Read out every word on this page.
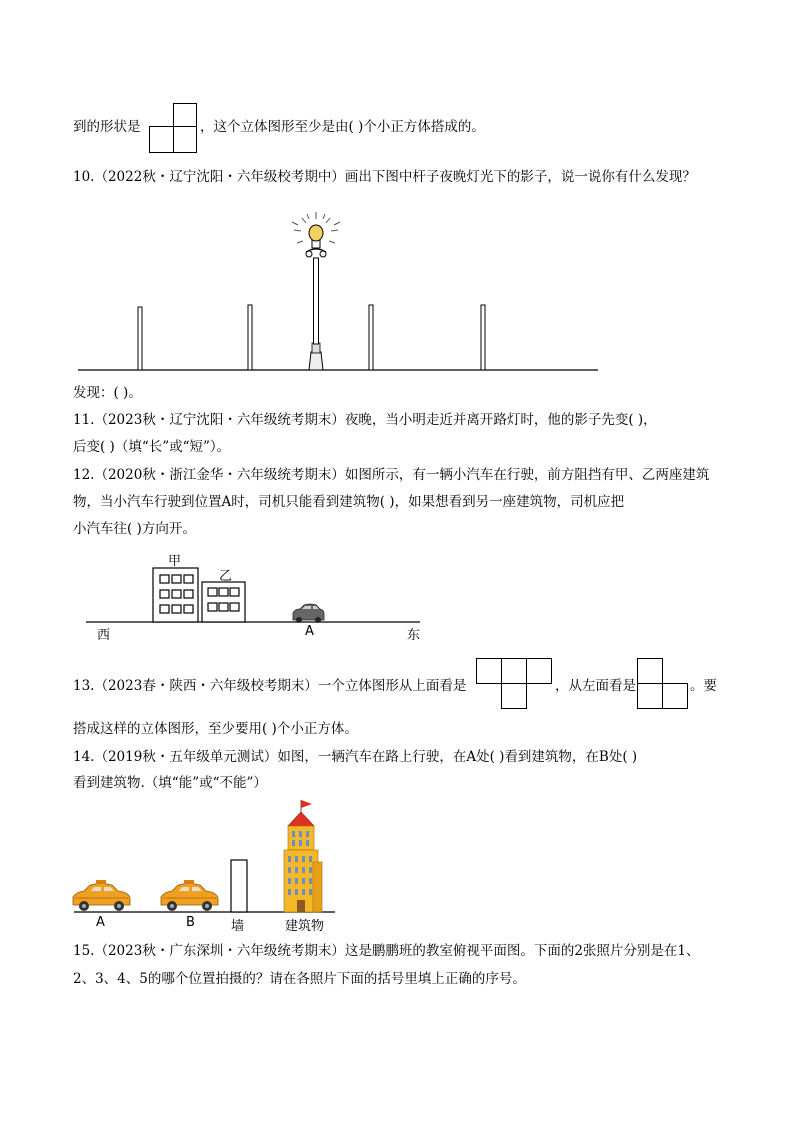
到的形状是	，这个立体图形至少是由( )个小正方体搭成的。
10.（2022秋・辽宁沈阳・六年级校考期中）画出下图中杆子夜晚灯光下的影子，说一说你有什么发现？
发现：( )。
11.（2023秋・辽宁沈阳・六年级统考期末）夜晚，当小明走近并离开路灯时，他的影子先变( )，
后变( )（填“长”或“短”）。
12.（2020秋・浙江金华・六年级统考期末）如图所示，有一辆小汽车在行驶，前方阻挡有甲、乙两座建筑
物，当小汽车行驶到位置A时，司机只能看到建筑物( )，如果想看到另一座建筑物，司机应把
小汽车往( )方向开。
甲
乙
西	A	东
13.（2023春・陕西・六年级校考期末）一个立体图形从上面看是	，从左面看是	。要
搭成这样的立体图形，至少要用( )个小正方体。
14.（2019秋・五年级单元测试）如图，一辆汽车在路上行驶，在A处( )看到建筑物，在B处( )
看到建筑物.（填“能”或“不能”）
A	B	墙	建筑物
15.（2023秋・广东深圳・六年级统考期末）这是鹏鹏班的教室俯视平面图。下面的2张照片分别是在1、
2、3、4、5的哪个位置拍摄的？请在各照片下面的括号里填上正确的序号。
